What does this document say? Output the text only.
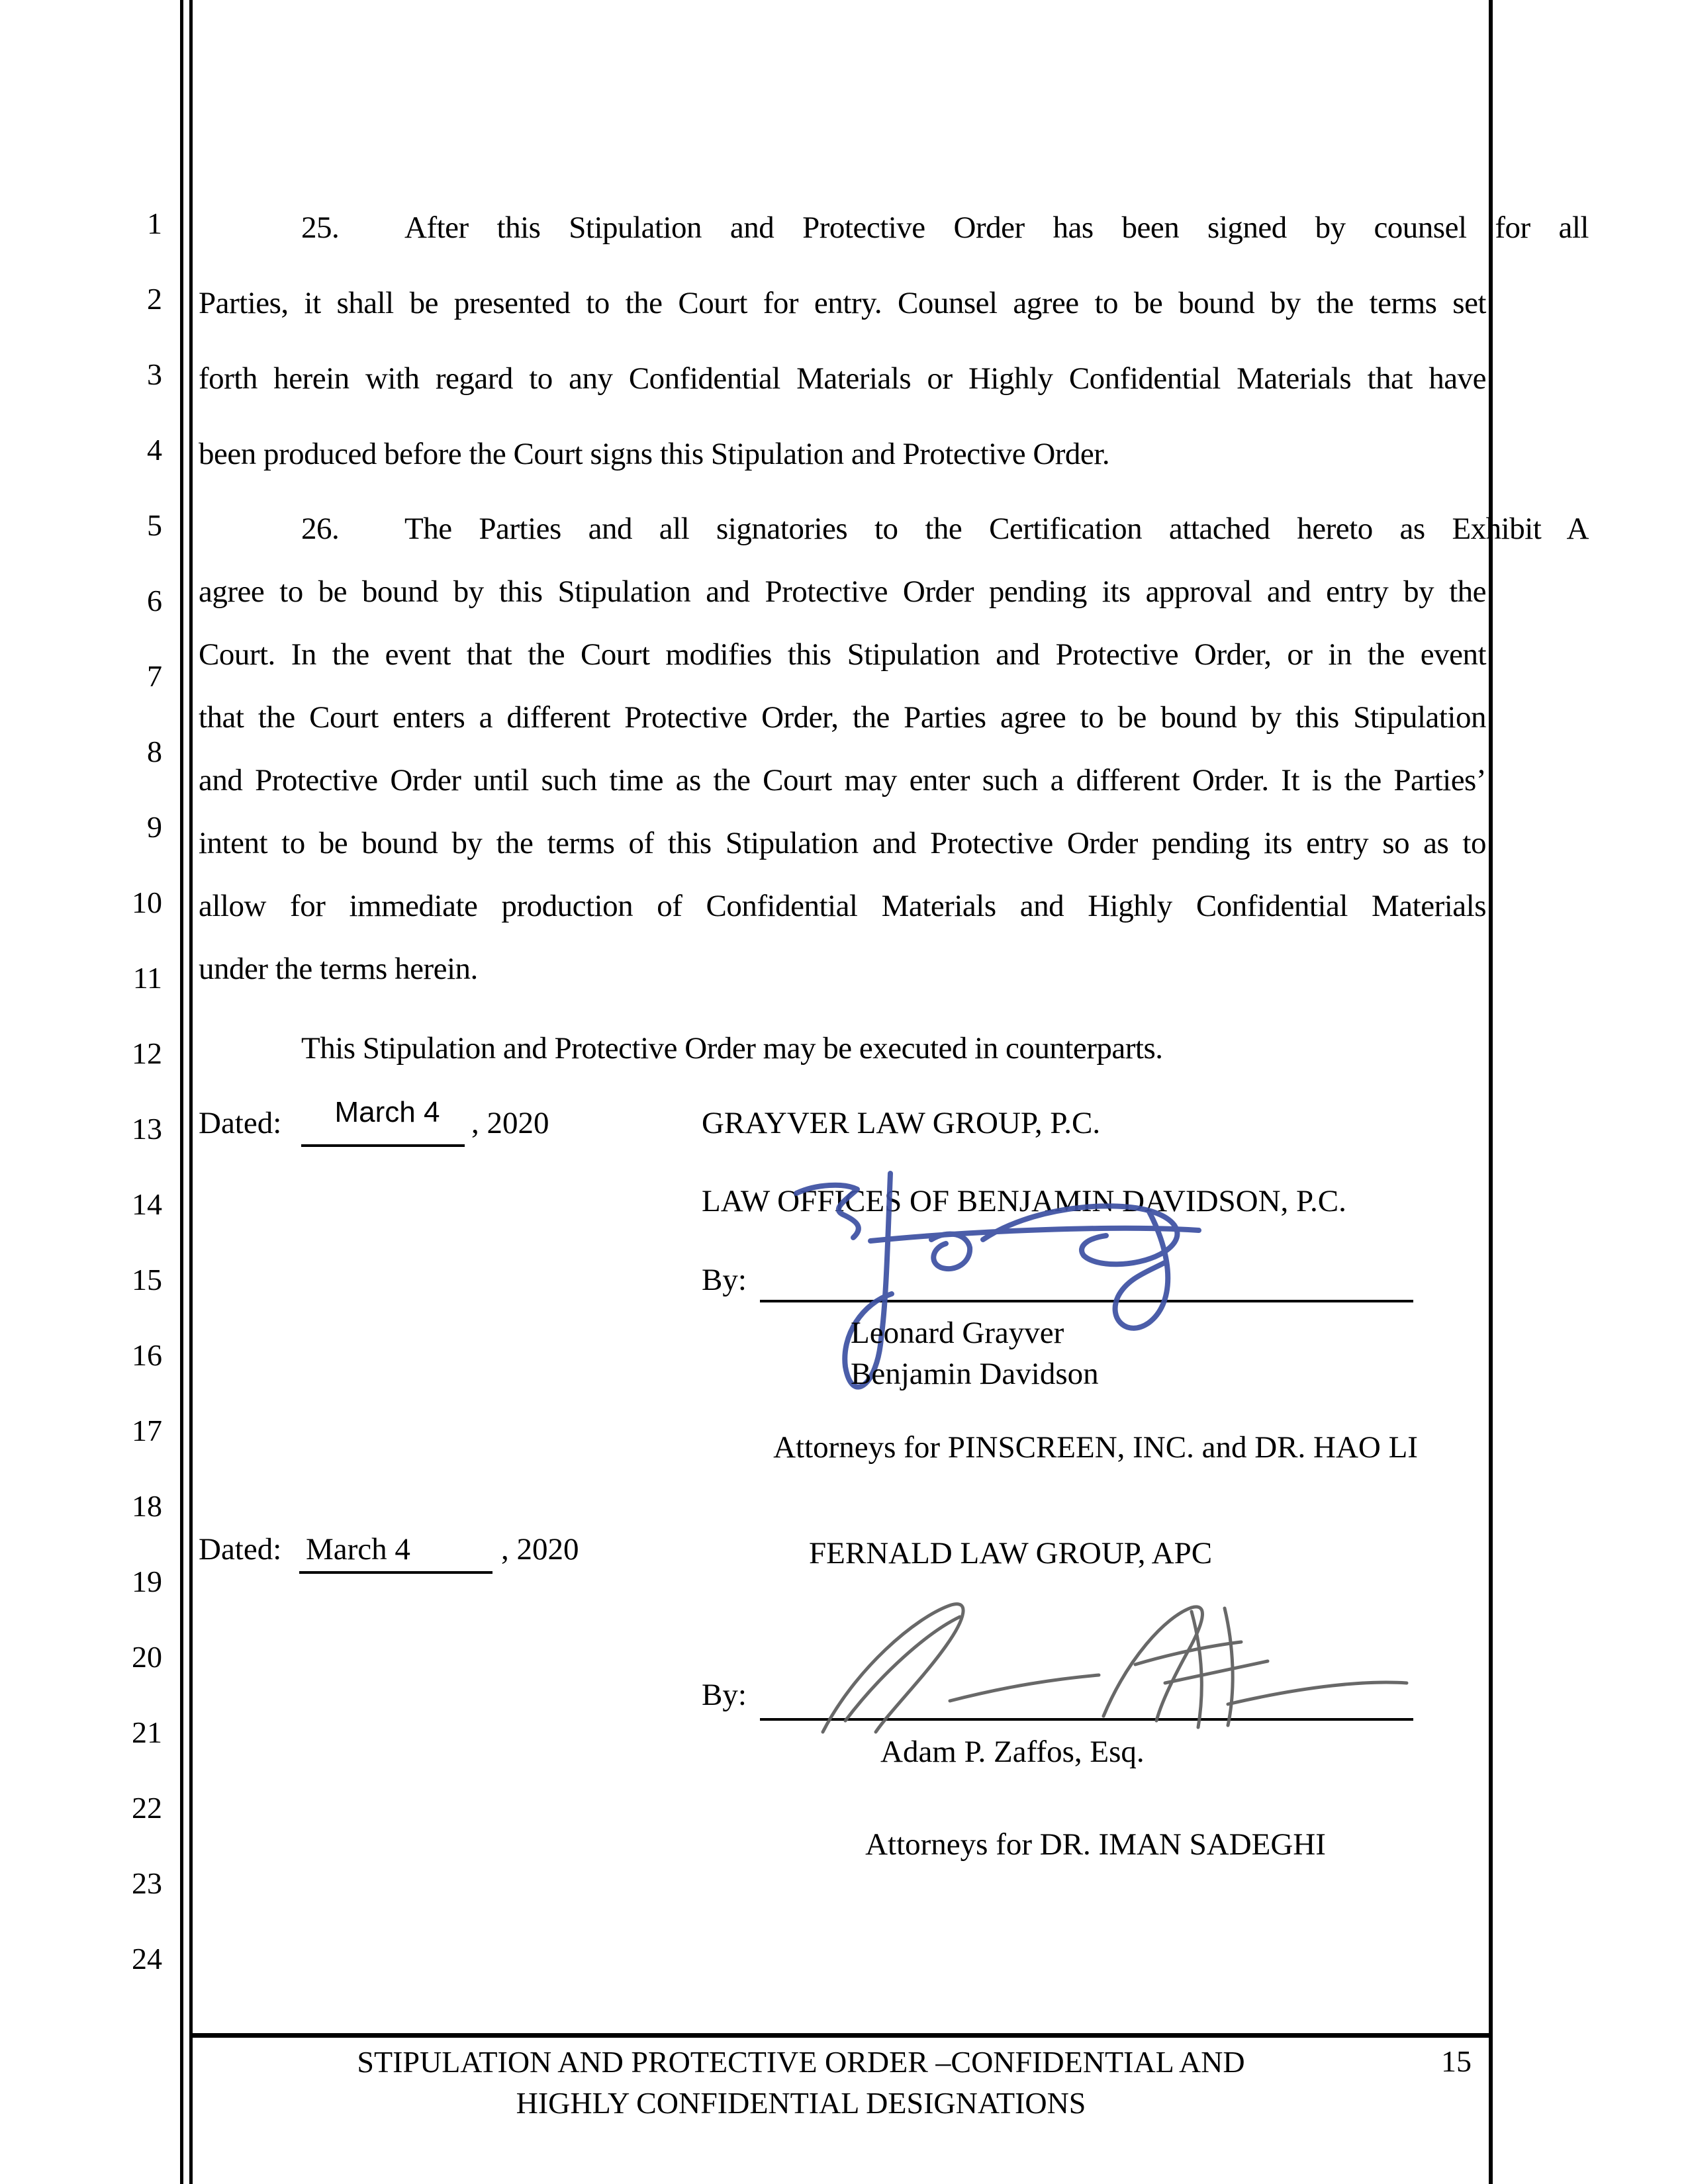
1
2
3
4
5
6
7
8
9
10
11
12
13
14
15
16
17
18
19
20
21
22
23
24
25. After this Stipulation and Protective Order has been signed by counsel for all
Parties, it shall be presented to the Court for entry. Counsel agree to be bound by the terms set
forth herein with regard to any Confidential Materials or Highly Confidential Materials that have
been produced before the Court signs this Stipulation and Protective Order.
26. The Parties and all signatories to the Certification attached hereto as Exhibit A
agree to be bound by this Stipulation and Protective Order pending its approval and entry by the
Court. In the event that the Court modifies this Stipulation and Protective Order, or in the event
that the Court enters a different Protective Order, the Parties agree to be bound by this Stipulation
and Protective Order until such time as the Court may enter such a different Order. It is the Parties’
intent to be bound by the terms of this Stipulation and Protective Order pending its entry so as to
allow for immediate production of Confidential Materials and Highly Confidential Materials
under the terms herein.
This Stipulation and Protective Order may be executed in counterparts.
Dated:	March 4	, 2020	GRAYVER LAW GROUP, P.C.
LAW OFFICES OF BENJAMIN DAVIDSON, P.C.
By:
Leonard Grayver
Benjamin Davidson
Attorneys for PINSCREEN, INC. and DR. HAO LI
Dated: March 4	, 2020	FERNALD LAW GROUP, APC
By:
Adam P. Zaffos, Esq.
Attorneys for DR. IMAN SADEGHI
STIPULATION AND PROTECTIVE ORDER –CONFIDENTIAL AND
HIGHLY CONFIDENTIAL DESIGNATIONS
15
